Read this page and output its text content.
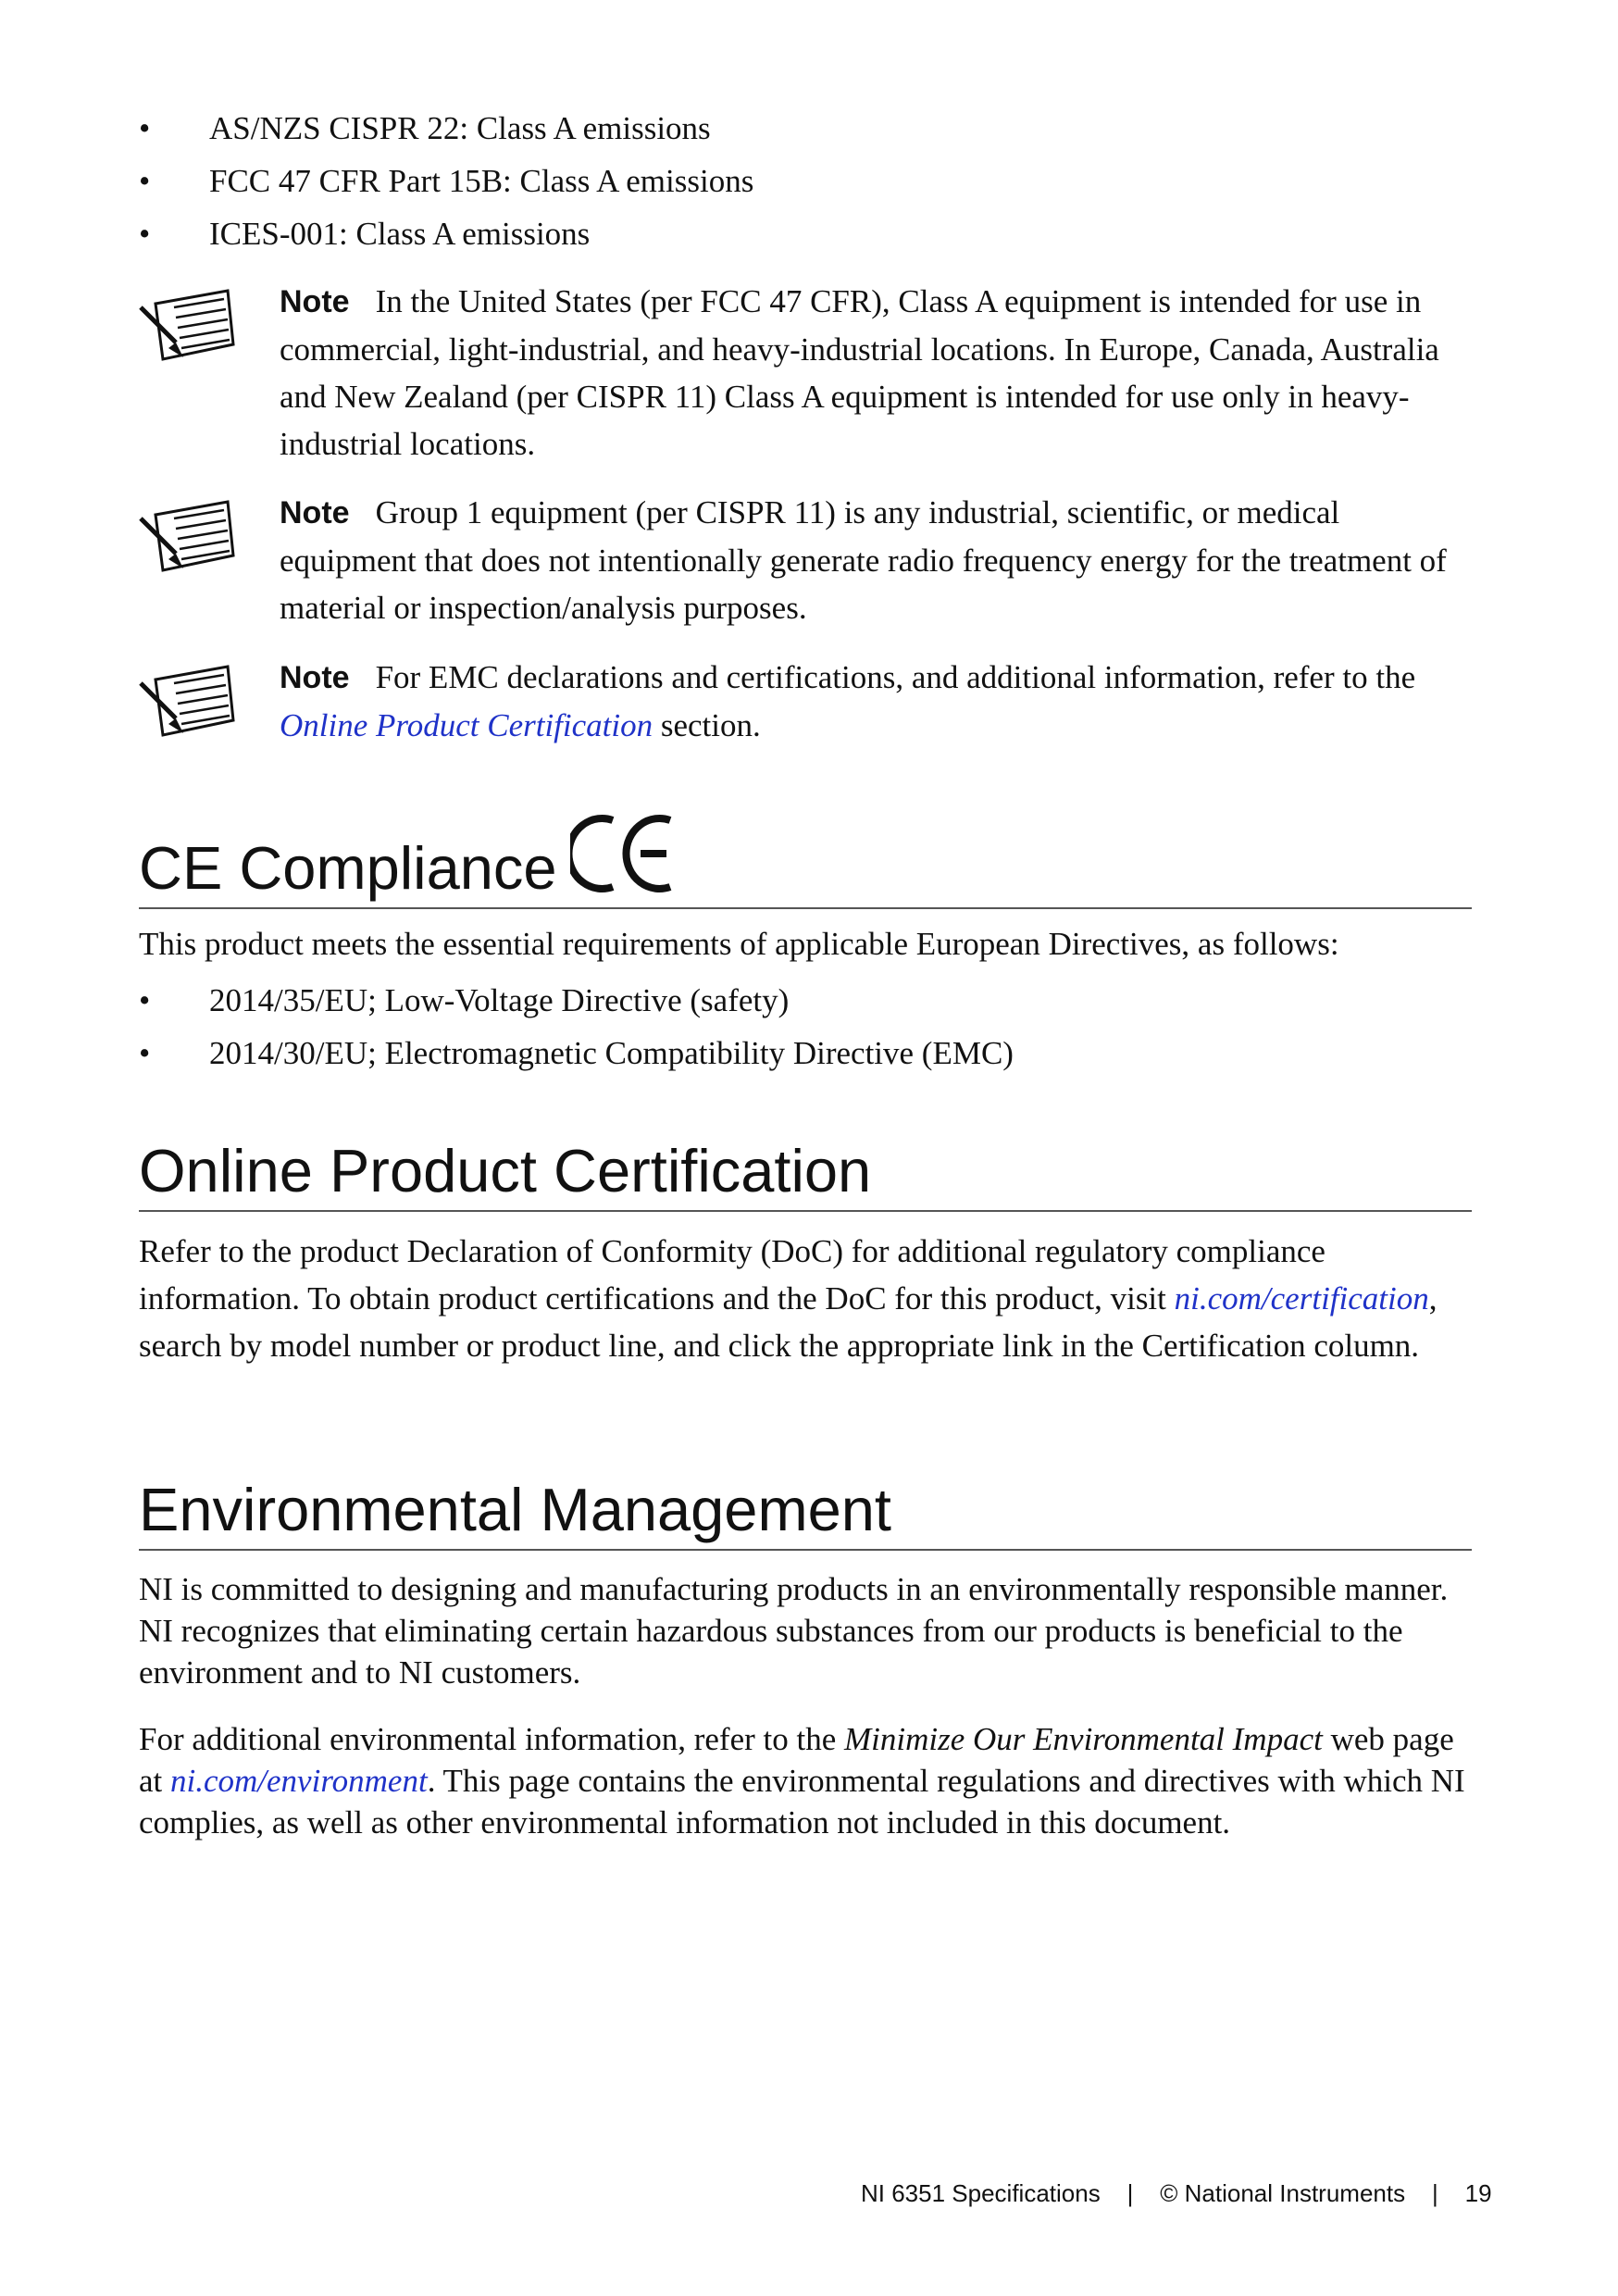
• AS/NZS CISPR 22: Class A emissions
• FCC 47 CFR Part 15B: Class A emissions
• ICES-001: Class A emissions
Note In the United States (per FCC 47 CFR), Class A equipment is intended for use in commercial, light-industrial, and heavy-industrial locations. In Europe, Canada, Australia and New Zealand (per CISPR 11) Class A equipment is intended for use only in heavy-industrial locations.
Note Group 1 equipment (per CISPR 11) is any industrial, scientific, or medical equipment that does not intentionally generate radio frequency energy for the treatment of material or inspection/analysis purposes.
Note For EMC declarations and certifications, and additional information, refer to the Online Product Certification section.
CE Compliance

This product meets the essential requirements of applicable European Directives, as follows:

• 2014/35/EU; Low-Voltage Directive (safety)
• 2014/30/EU; Electromagnetic Compatibility Directive (EMC)
Online Product Certification

Refer to the product Declaration of Conformity (DoC) for additional regulatory compliance information. To obtain product certifications and the DoC for this product, visit ni.com/certification, search by model number or product line, and click the appropriate link in the Certification column.

Environmental Management

NI is committed to designing and manufacturing products in an environmentally responsible manner. NI recognizes that eliminating certain hazardous substances from our products is beneficial to the environment and to NI customers.

For additional environmental information, refer to the Minimize Our Environmental Impact web page at ni.com/environment. This page contains the environmental regulations and directives with which NI complies, as well as other environmental information not included in this document.

NI 6351 Specifications    |    © National Instruments    |    19
